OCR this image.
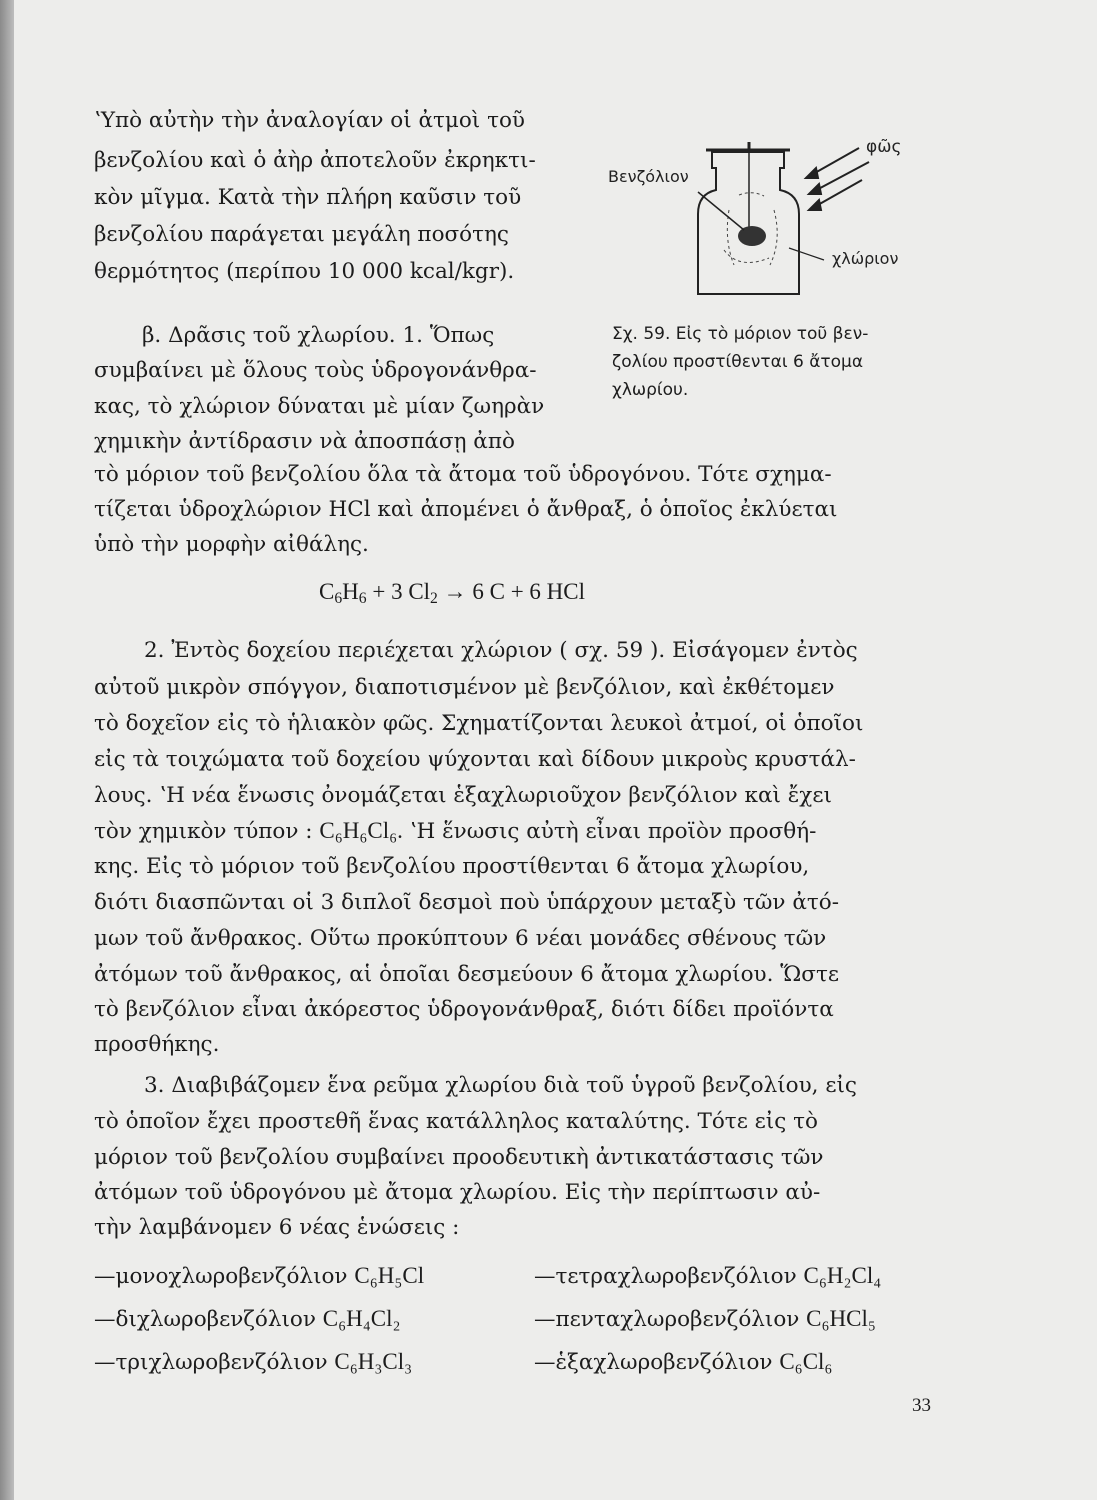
ʽΥπὸ αὐτὴν τὴν ἀναλογίαν οἱ ἀτμοὶ τοῦ
βενζολίου καὶ ὁ ἀὴρ ἀποτελοῦν ἐκρηκτι-
κὸν μῖγμα. Κατὰ τὴν πλήρη καῦσιν τοῦ
βενζολίου παράγεται μεγάλη ποσότης
θερμότητος (περίπου 10 000 kcal/kgr).
Βενζόλιον
φῶς
χλώριον
Σχ. 59. Εἰς τὸ μόριον τοῦ βεν-
ζολίου προστίθενται 6 ἄτομα
χλωρίου.
β. Δρᾶσις τοῦ χλωρίου. 1. Ὅπως
συμβαίνει μὲ ὅλους τοὺς ὑδρογονάνθρα-
κας, τὸ χλώριον δύναται μὲ μίαν ζωηρὰν
χημικὴν ἀντίδρασιν νὰ ἀποσπάσῃ ἀπὸ
τὸ μόριον τοῦ βενζολίου ὅλα τὰ ἄτομα τοῦ ὑδρογόνου. Τότε σχημα-
τίζεται ὑδροχλώριον HCl καὶ ἀπομένει ὁ ἄνθραξ, ὁ ὁποῖος ἐκλύεται
ὑπὸ τὴν μορφὴν αἰθάλης.
$C_6H_6 + 3$ $Cl_2 \to 6$ C + 6 HCl
2. Ἐντὸς δοχείου περιέχεται χλώριον ( σχ. 59 ). Εἰσάγομεν ἐντὸς
αὐτοῦ μικρὸν σπόγγον, διαποτισμένον μὲ βενζόλιον, καὶ ἐκθέτομεν
τὸ δοχεῖον εἰς τὸ ἡλιακὸν φῶς. Σχηματίζονται λευκοὶ ἀτμοί, οἱ ὁποῖοι
εἰς τὰ τοιχώματα τοῦ δοχείου ψύχονται καὶ δίδουν μικροὺς κρυστάλ-
λους. ʽΗ νέα ἕνωσις ὀνομάζεται ἑξαχλωριοῦχον βενζόλιον καὶ ἔχει
τὸν χημικὸν τύπον : C₆H₆Cl₆. ʽΗ ἕνωσις αὐτὴ εἶναι προϊὸν προσθή-
κης. Εἰς τὸ μόριον τοῦ βενζολίου προστίθενται 6 ἄτομα χλωρίου,
διότι διασπῶνται οἱ 3 διπλοῖ δεσμοὶ ποὺ ὑπάρχουν μεταξὺ τῶν ἀτό-
μων τοῦ ἄνθρακος. Οὕτω προκύπτουν 6 νέαι μονάδες σθένους τῶν
ἀτόμων τοῦ ἄνθρακος, αἱ ὁποῖαι δεσμεύουν 6 ἄτομα χλωρίου. Ὥστε
τὸ βενζόλιον εἶναι ἀκόρεστος ὑδρογονάνθραξ, διότι δίδει προϊόντα
προσθήκης.
3. Διαβιβάζομεν ἕνα ρεῦμα χλωρίου διὰ τοῦ ὑγροῦ βενζολίου, εἰς
τὸ ὁποῖον ἔχει προστεθῆ ἕνας κατάλληλος καταλύτης. Τότε εἰς τὸ
μόριον τοῦ βενζολίου συμβαίνει προοδευτικὴ ἀντικατάστασις τῶν
ἀτόμων τοῦ ὑδρογόνου μὲ ἄτομα χλωρίου. Εἰς τὴν περίπτωσιν αὐ-
τὴν λαμβάνομεν 6 νέας ἑνώσεις :
—μονοχλωροβενζόλιον C₆H₅Cl	—τετραχλωροβενζόλιον C₆H₂Cl₄
—διχλωροβενζόλιον C₆H₄Cl₂	—πενταχλωροβενζόλιον C₆HCl₅
—τριχλωροβενζόλιον C₆H₃Cl₃	—ἑξαχλωροβενζόλιον C₆Cl₆
33
